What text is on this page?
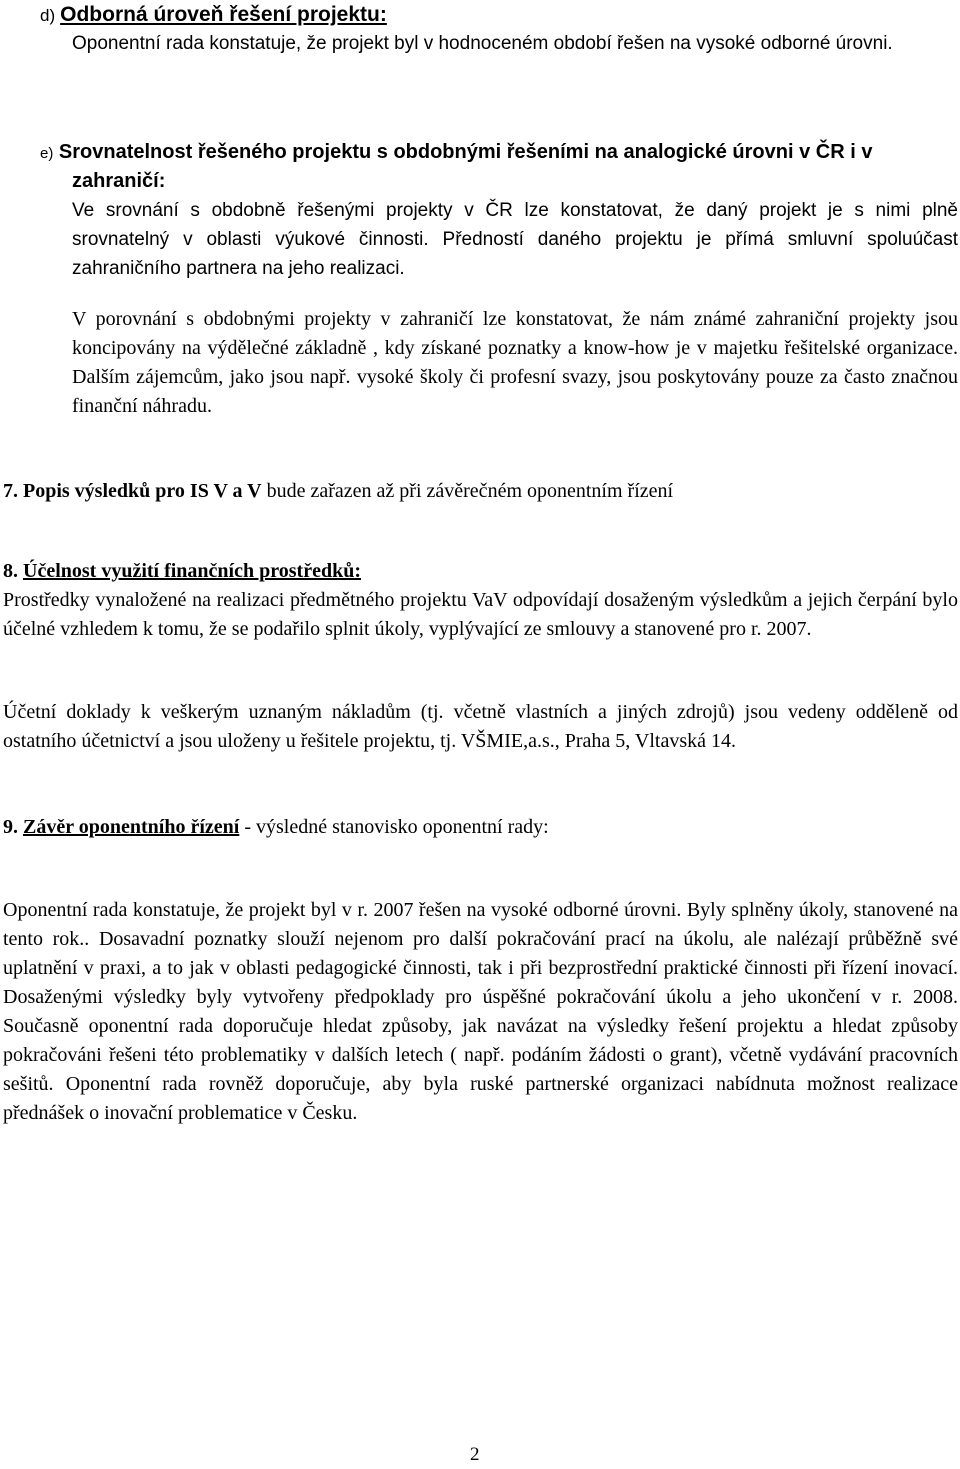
d) Odborná úroveň řešení projektu:
Oponentní rada konstatuje, že projekt byl v hodnoceném období řešen na vysoké odborné úrovni.
e) Srovnatelnost řešeného projektu s obdobnými řešeními na analogické úrovni v ČR i v
zahraničí:
Ve srovnání s obdobně řešenými projekty v ČR lze konstatovat, že daný projekt je s nimi plně srovnatelný v oblasti výukové činnosti. Předností daného projektu je přímá smluvní spoluúčast zahraničního partnera na jeho realizaci.
V porovnání s obdobnými projekty v zahraničí lze konstatovat, že nám známé zahraniční projekty jsou koncipovány na výdělečné základně , kdy získané poznatky a know-how je v majetku řešitelské organizace. Dalším zájemcům, jako jsou např. vysoké školy či profesní svazy, jsou poskytovány pouze za často značnou finanční náhradu.
7. Popis výsledků pro IS V a V bude zařazen až při závěrečném oponentním řízení
8. Účelnost využití finančních prostředků:
Prostředky vynaložené na realizaci předmětného projektu VaV odpovídají dosaženým výsledkům a jejich čerpání bylo účelné vzhledem k tomu, že se podařilo splnit úkoly, vyplývající ze smlouvy a stanovené pro r. 2007.
Účetní doklady k veškerým uznaným nákladům (tj. včetně vlastních a jiných zdrojů) jsou vedeny odděleně od ostatního účetnictví a jsou uloženy u řešitele projektu, tj. VŠMIE,a.s., Praha 5, Vltavská 14.
9. Závěr oponentního řízení - výsledné stanovisko oponentní rady:
Oponentní rada konstatuje, že projekt byl v r. 2007 řešen na vysoké odborné úrovni. Byly splněny úkoly, stanovené na tento rok.. Dosavadní poznatky slouží nejenom pro další pokračování prací na úkolu, ale nalézají průběžně své uplatnění v praxi, a to jak v oblasti pedagogické činnosti, tak i při bezprostřední praktické činnosti při řízení inovací. Dosaženými výsledky byly vytvořeny předpoklady pro úspěšné pokračování úkolu a jeho ukončení v r. 2008. Současně oponentní rada doporučuje hledat způsoby, jak navázat na výsledky řešení projektu a hledat způsoby pokračováni řešeni této problematiky v dalších letech ( např. podáním žádosti o grant), včetně vydávání pracovních sešitů. Oponentní rada rovněž doporučuje, aby byla ruské partnerské organizaci nabídnuta možnost realizace přednášek o inovační problematice v Česku.
2
